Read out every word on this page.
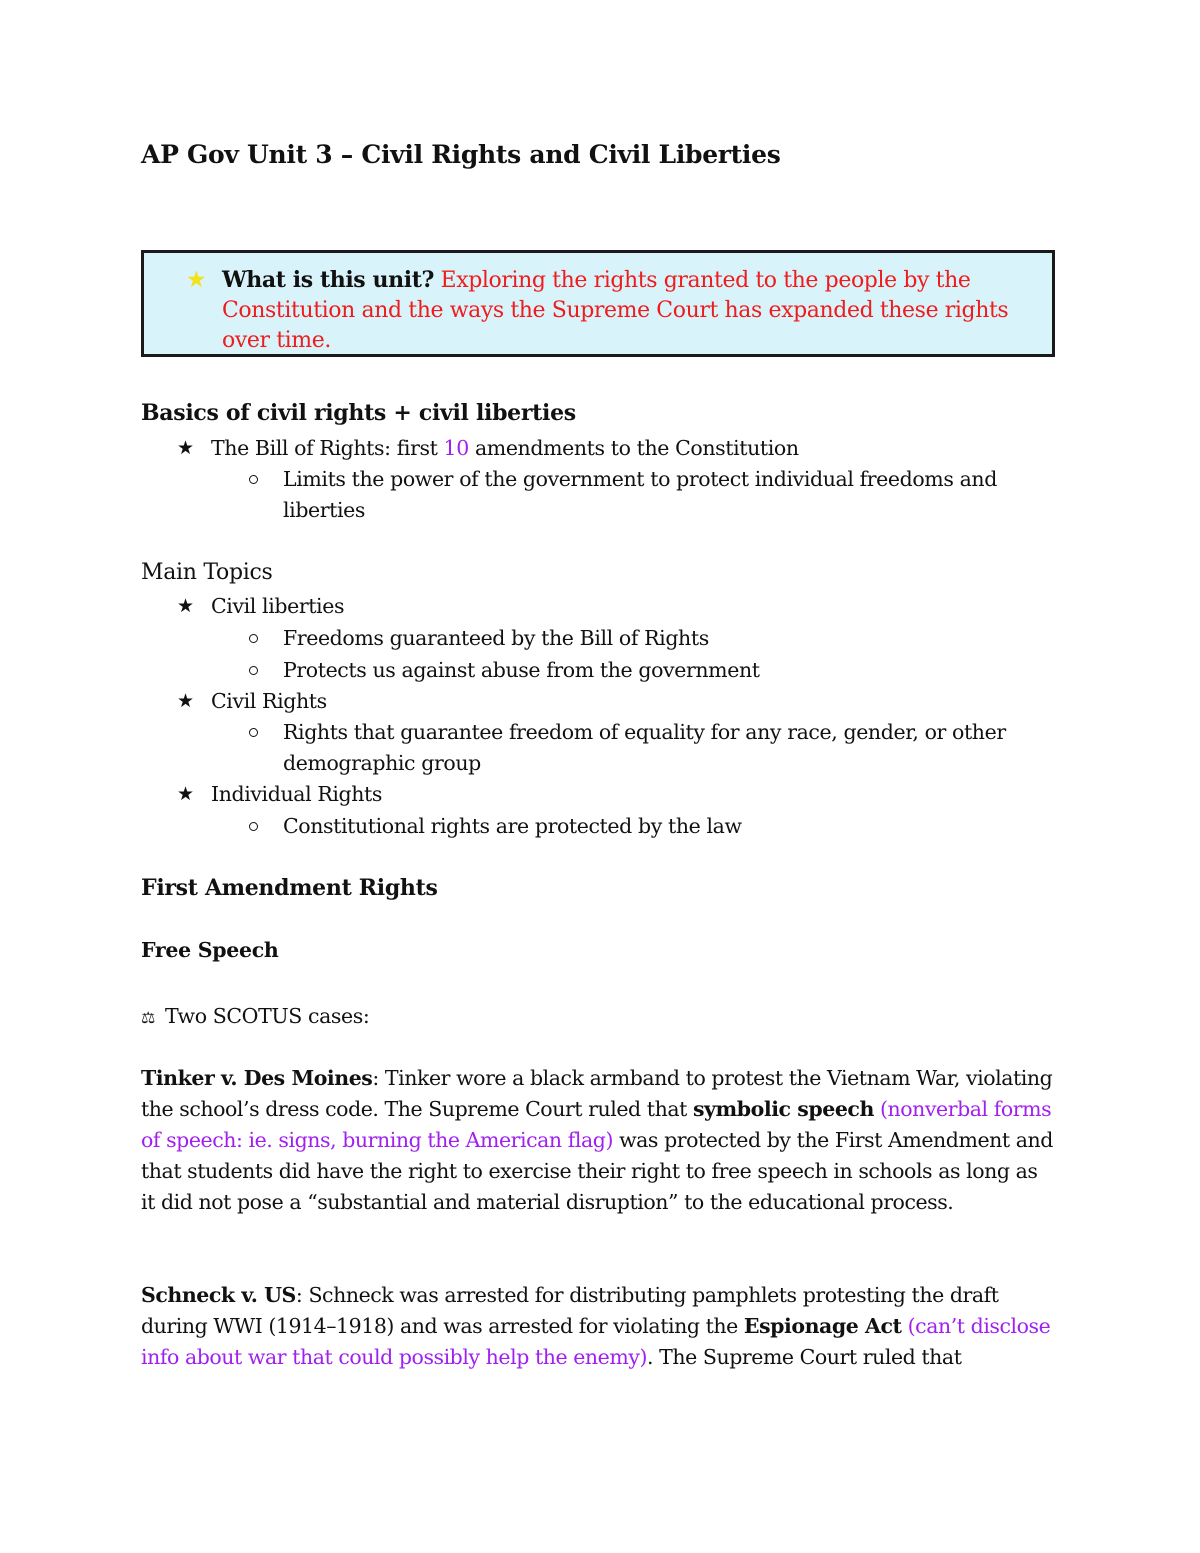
AP Gov Unit 3 – Civil Rights and Civil Liberties
★ What is this unit? Exploring the rights granted to the people by the Constitution and the ways the Supreme Court has expanded these rights over time.
Basics of civil rights + civil liberties
★ The Bill of Rights: first 10 amendments to the Constitution
Limits the power of the government to protect individual freedoms and liberties
Main Topics
★ Civil liberties
Freedoms guaranteed by the Bill of Rights
Protects us against abuse from the government
★ Civil Rights
Rights that guarantee freedom of equality for any race, gender, or other demographic group
★ Individual Rights
Constitutional rights are protected by the law
First Amendment Rights
Free Speech
⚖ Two SCOTUS cases:
Tinker v. Des Moines: Tinker wore a black armband to protest the Vietnam War, violating the school’s dress code. The Supreme Court ruled that symbolic speech (nonverbal forms of speech: ie. signs, burning the American flag) was protected by the First Amendment and that students did have the right to exercise their right to free speech in schools as long as it did not pose a “substantial and material disruption” to the educational process.
Schneck v. US: Schneck was arrested for distributing pamphlets protesting the draft during WWI (1914–1918) and was arrested for violating the Espionage Act (can’t disclose info about war that could possibly help the enemy). The Supreme Court ruled that
